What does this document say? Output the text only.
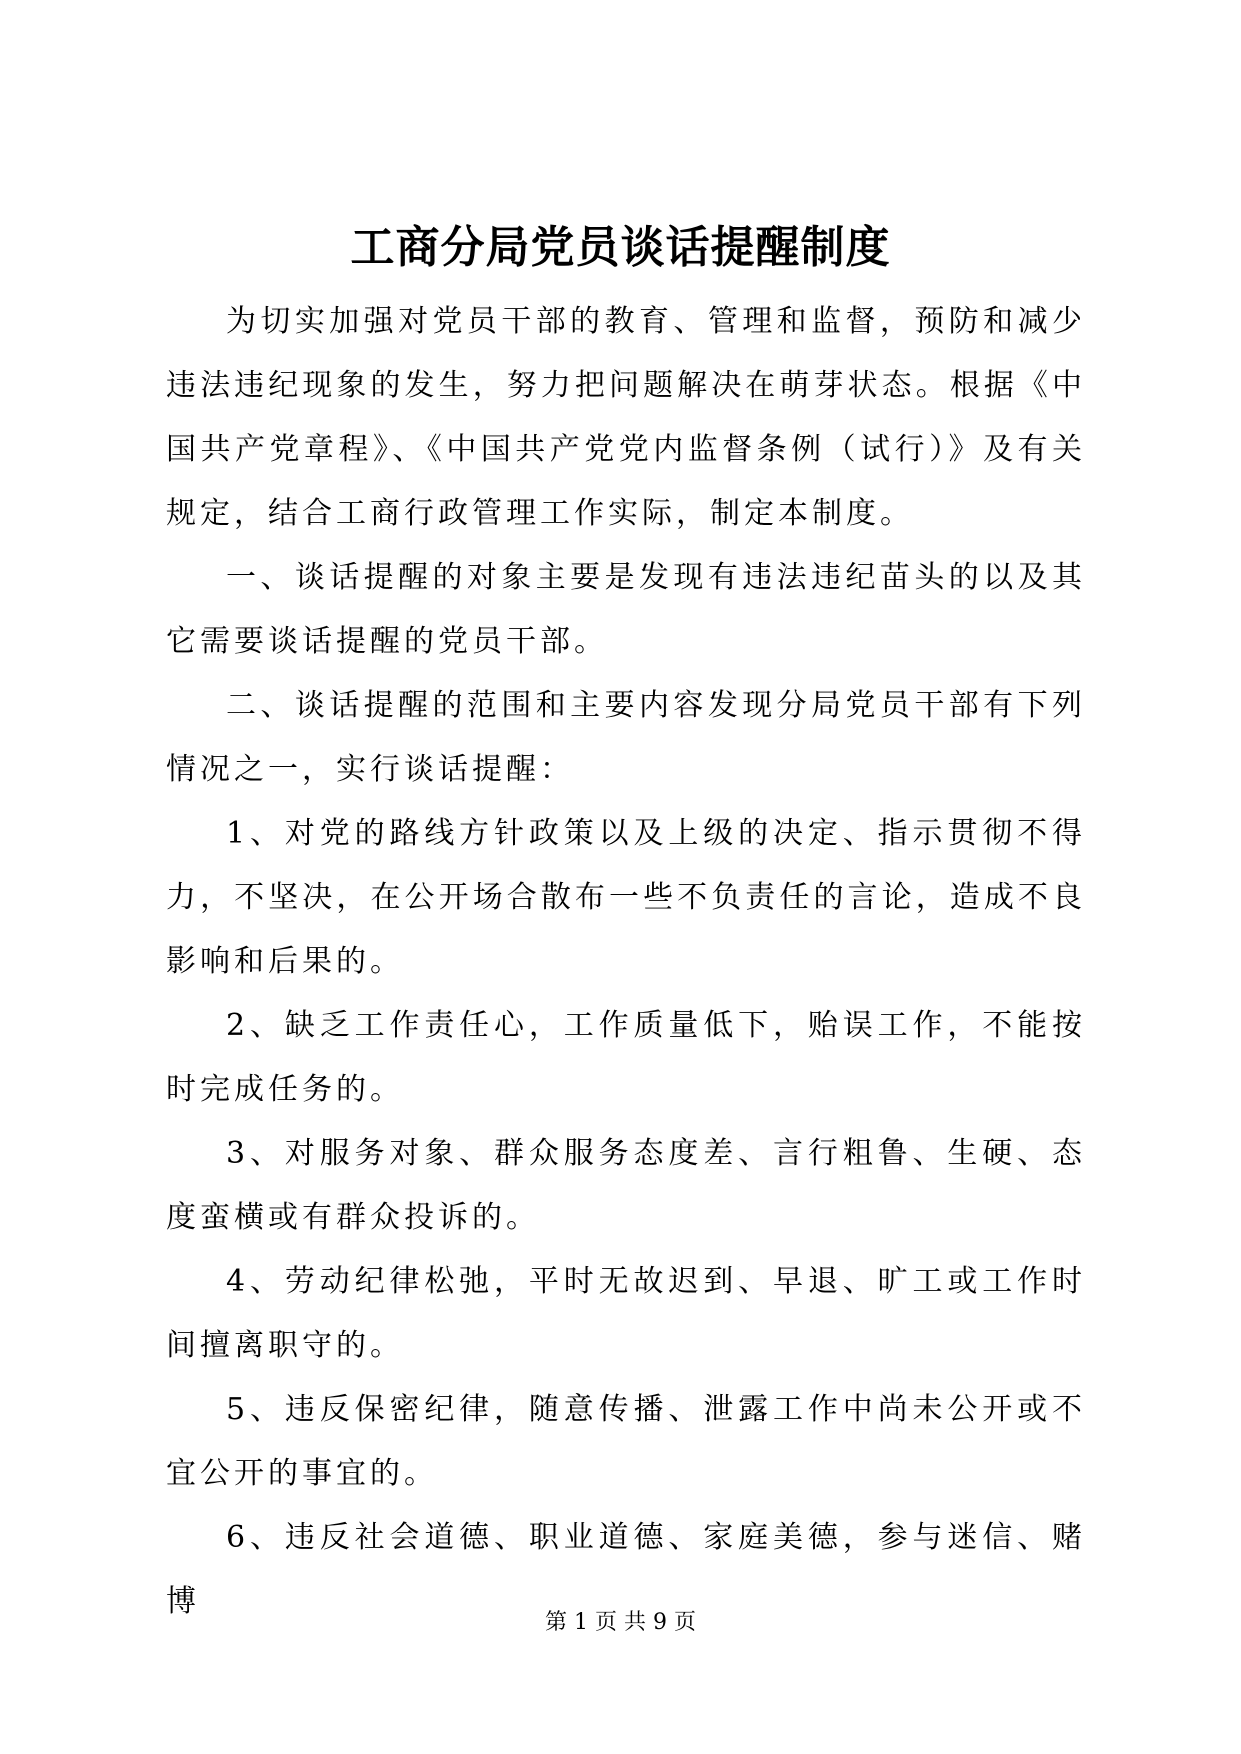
工商分局党员谈话提醒制度

为切实加强对党员干部的教育、管理和监督，预防和减少违法违纪现象的发生，努力把问题解决在萌芽状态。根据《中国共产党章程》、《中国共产党党内监督条例（试行）》及有关规定，结合工商行政管理工作实际，制定本制度。

一、谈话提醒的对象主要是发现有违法违纪苗头的以及其它需要谈话提醒的党员干部。

二、谈话提醒的范围和主要内容发现分局党员干部有下列情况之一，实行谈话提醒：

1、对党的路线方针政策以及上级的决定、指示贯彻不得力，不坚决，在公开场合散布一些不负责任的言论，造成不良影响和后果的。

2、缺乏工作责任心，工作质量低下，贻误工作，不能按时完成任务的。

3、对服务对象、群众服务态度差、言行粗鲁、生硬、态度蛮横或有群众投诉的。

4、劳动纪律松弛，平时无故迟到、早退、旷工或工作时间擅离职守的。

5、违反保密纪律，随意传播、泄露工作中尚未公开或不宜公开的事宜的。

6、违反社会道德、职业道德、家庭美德，参与迷信、赌博

第 1 页 共 9 页
